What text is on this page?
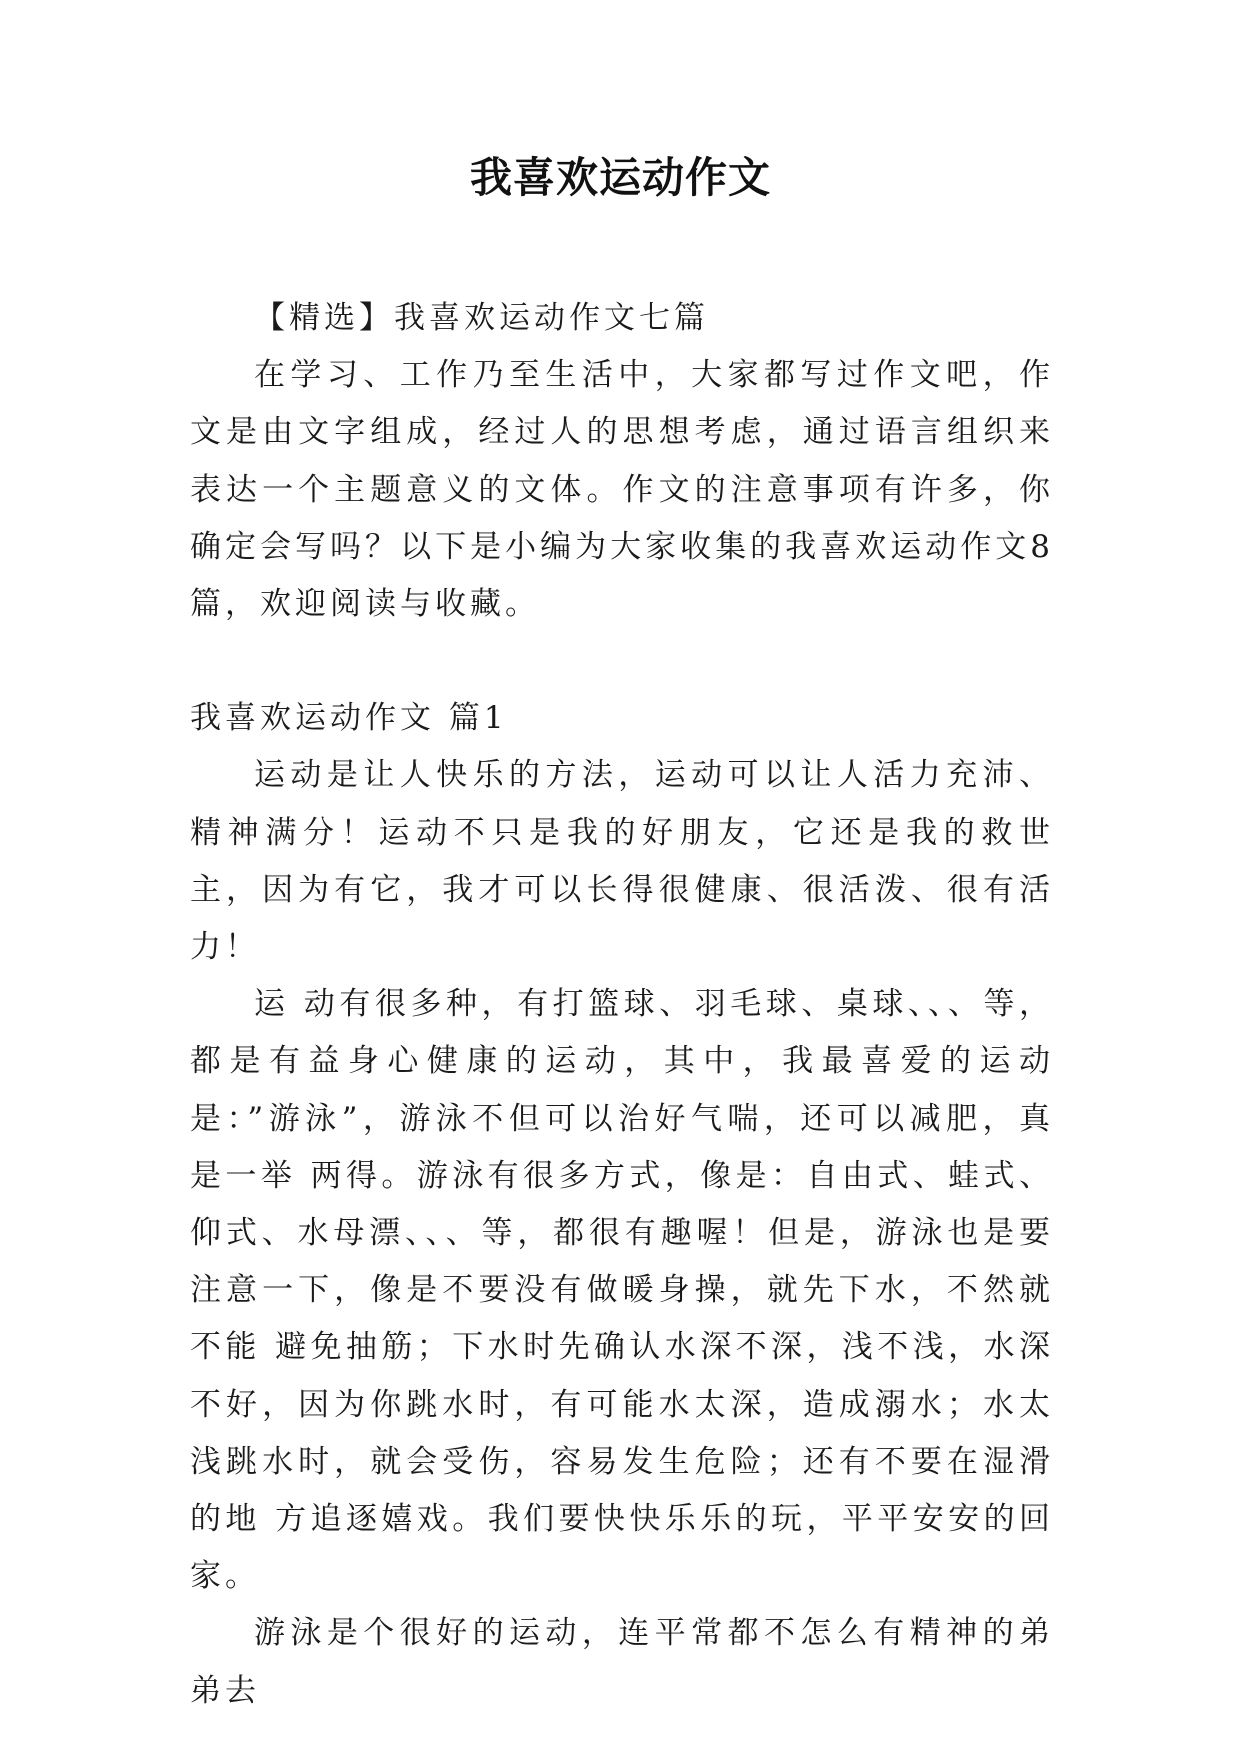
我喜欢运动作文

【精选】我喜欢运动作文七篇

在学习、工作乃至生活中，大家都写过作文吧，作文是由文字组成，经过人的思想考虑，通过语言组织来表达一个主题意义的文体。作文的注意事项有许多，你确定会写吗？以下是小编为大家收集的我喜欢运动作文8篇，欢迎阅读与收藏。

我喜欢运动作文 篇1

运动是让人快乐的方法，运动可以让人活力充沛、精神满分！运动不只是我的好朋友，它还是我的救世主，因为有它，我才可以长得很健康、很活泼、很有活力！

运 动有很多种，有打篮球、羽毛球、桌球、、、等，都是有益身心健康的运动，其中，我最喜爱的运动是：”游泳”，游泳不但可以治好气喘，还可以减肥，真是一举 两得。游泳有很多方式，像是：自由式、蛙式、仰式、水母漂、、、等，都很有趣喔！但是，游泳也是要注意一下，像是不要没有做暖身操，就先下水，不然就不能 避免抽筋；下水时先确认水深不深，浅不浅，水深不好，因为你跳水时，有可能水太深，造成溺水；水太浅跳水时，就会受伤，容易发生危险；还有不要在湿滑的地 方追逐嬉戏。我们要快快乐乐的玩，平平安安的回家。

游泳是个很好的运动，连平常都不怎么有精神的弟弟去
